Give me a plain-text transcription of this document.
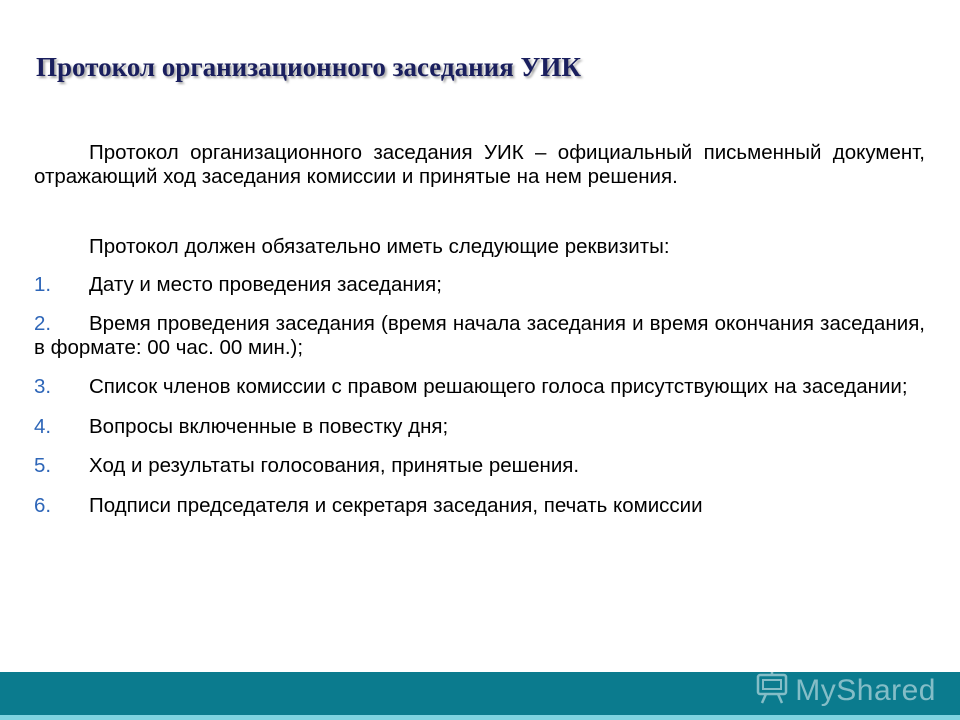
Протокол организационного заседания УИК

Протокол организационного заседания УИК – официальный письменный документ, отражающий ход заседания комиссии и принятые на нем решения.

Протокол должен обязательно иметь следующие реквизиты:

1. Дату и место проведения заседания;
2. Время проведения заседания (время начала заседания и время окончания заседания, в формате: 00 час. 00 мин.);
3. Список членов комиссии с правом решающего голоса присутствующих на заседании;
4. Вопросы включенные в повестку дня;
5. Ход и результаты голосования, принятые решения.
6. Подписи председателя и секретаря заседания, печать комиссии
MyShared
